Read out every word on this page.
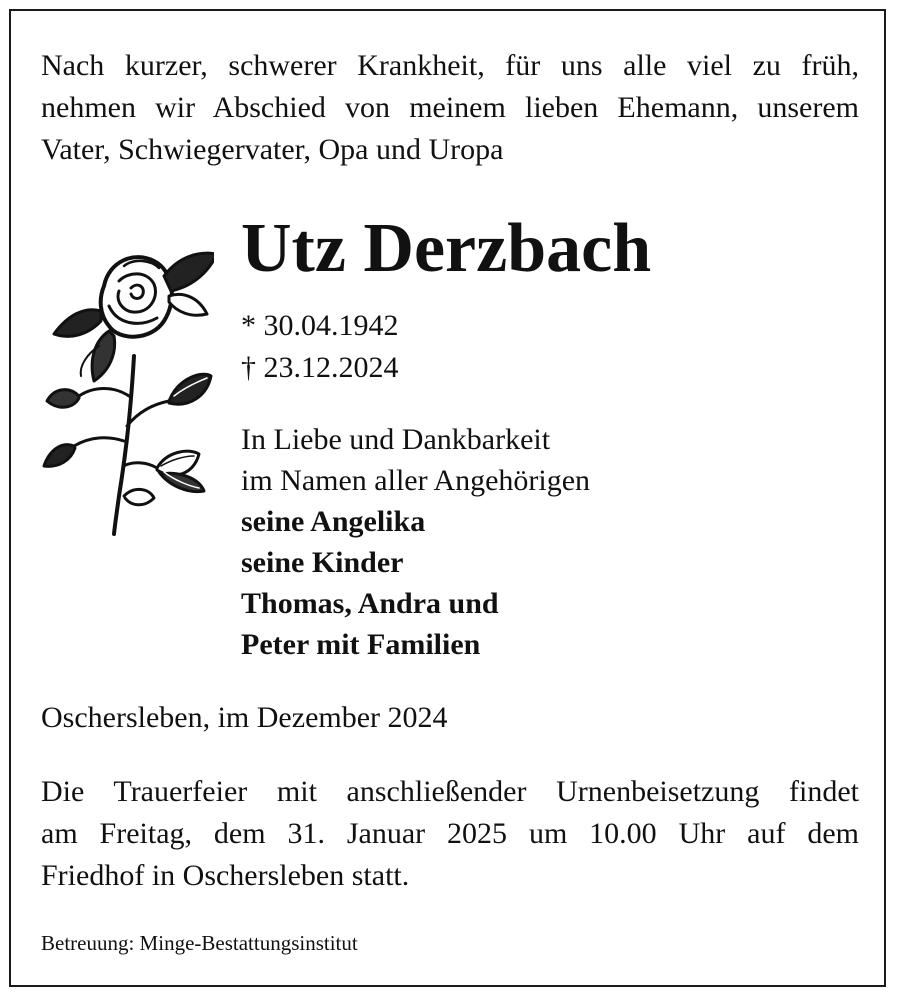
Nach kurzer, schwerer Krankheit, für uns alle viel zu früh,
nehmen wir Abschied von meinem lieben Ehemann, unserem
Vater, Schwiegervater, Opa und Uropa
Utz Derzbach
* 30.04.1942
† 23.12.2024
In Liebe und Dankbarkeit
im Namen aller Angehörigen
seine Angelika
seine Kinder
Thomas, Andra und
Peter mit Familien
Oschersleben, im Dezember 2024
Die Trauerfeier mit anschließender Urnenbeisetzung findet
am Freitag, dem 31. Januar 2025 um 10.00 Uhr auf dem
Friedhof in Oschersleben statt.
Betreuung: Minge-Bestattungsinstitut
